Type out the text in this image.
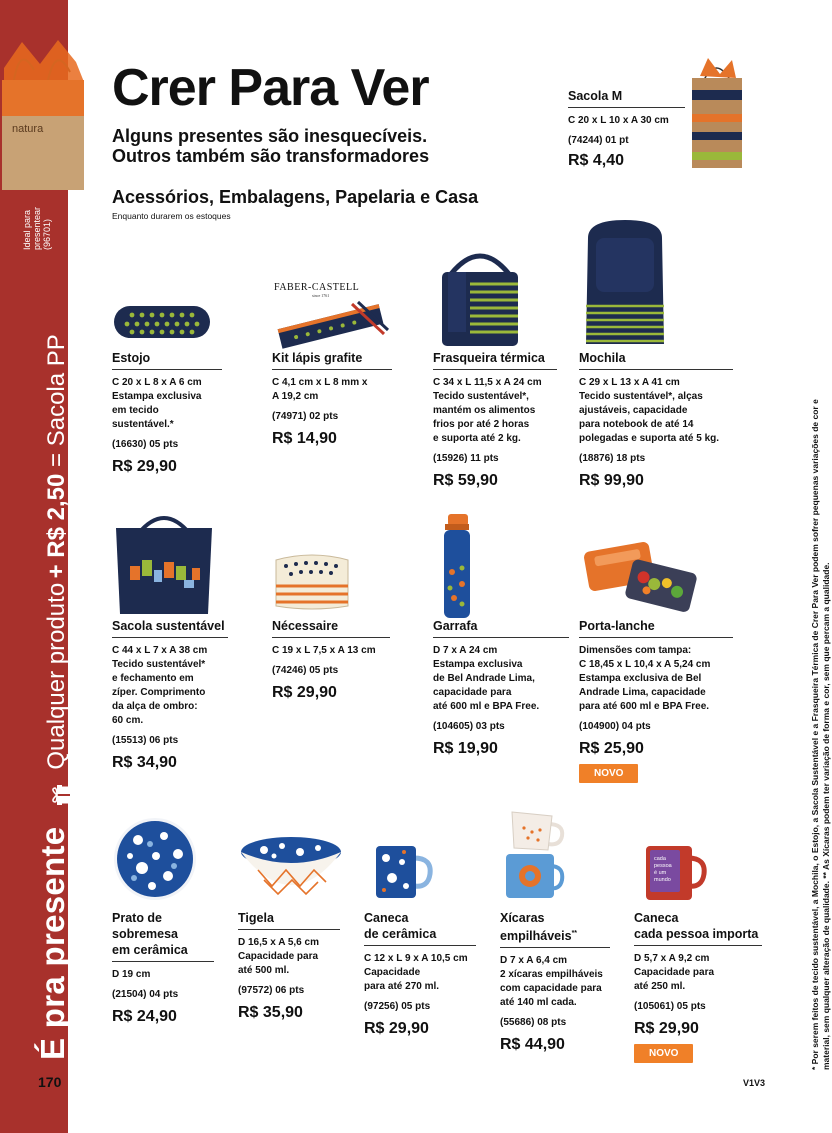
natura
Ideal para presentear (96701)
É pra presente  Qualquer produto + R$ 2,50 = Sacola PP
170
Crer Para Ver
Alguns presentes são inesquecíveis.
Outros também são transformadores
Acessórios, Embalagens, Papelaria e Casa
Enquanto durarem os estoques
Sacola M
C 20 x L 10 x A 30 cm
(74244) 01 pt
R$ 4,40
FABER-CASTELL
since 1761
Estojo
C 20 x L 8 x A 6 cm
Estampa exclusiva
em tecido
sustentável.*
(16630) 05 pts
R$ 29,90
Kit lápis grafite
C 4,1 cm x L 8 mm x
A 19,2 cm
(74971) 02 pts
R$ 14,90
Frasqueira térmica
C 34 x L 11,5 x A 24 cm
Tecido sustentável*,
mantém os alimentos
frios por até 2 horas
e suporta até 2 kg.
(15926) 11 pts
R$ 59,90
Mochila
C 29 x L 13 x A 41 cm
Tecido sustentável*, alças
ajustáveis, capacidade
para notebook de até 14
polegadas e suporta até 5 kg.
(18876) 18 pts
R$ 99,90
Sacola sustentável
C 44 x L 7 x A 38 cm
Tecido sustentável*
e fechamento em
zíper. Comprimento
da alça de ombro:
60 cm.
(15513) 06 pts
R$ 34,90
Nécessaire
C 19 x L 7,5 x A 13 cm
(74246) 05 pts
R$ 29,90
Garrafa
D 7 x A 24 cm
Estampa exclusiva
de Bel Andrade Lima,
capacidade para
até 600 ml e BPA Free.
(104605) 03 pts
R$ 19,90
Porta-lanche
Dimensões com tampa:
C 18,45 x L 10,4 x A 5,24 cm
Estampa exclusiva de Bel
Andrade Lima, capacidade
para até 600 ml e BPA Free.
(104900) 04 pts
R$ 25,90
NOVO
cada
pessoa
é um
mundo
Prato de
sobremesa
em cerâmica
D 19 cm
(21504) 04 pts
R$ 24,90
Tigela
D 16,5 x A 5,6 cm
Capacidade para
até 500 ml.
(97572) 06 pts
R$ 35,90
Caneca
de cerâmica
C 12 x L 9 x A 10,5 cm
Capacidade
para até 270 ml.
(97256) 05 pts
R$ 29,90
Xícaras
empilháveis**
D 7 x A 6,4 cm
2 xícaras empilháveis
com capacidade para
até 140 ml cada.
(55686) 08 pts
R$ 44,90
Caneca
cada pessoa importa
D 5,7 x A 9,2 cm
Capacidade para
até 250 ml.
(105061) 05 pts
R$ 29,90
NOVO	* Por serem feitos de tecido sustentável, a Mochila, o Estojo, a Sacola Sustentável e a Frasqueira Térmica de Crer Para Ver podem sofrer pequenas variações de cor e material, sem qualquer alteração de qualidade. ** As Xícaras podem ter variação de forma e cor, sem que percam a qualidade.
V1V3
